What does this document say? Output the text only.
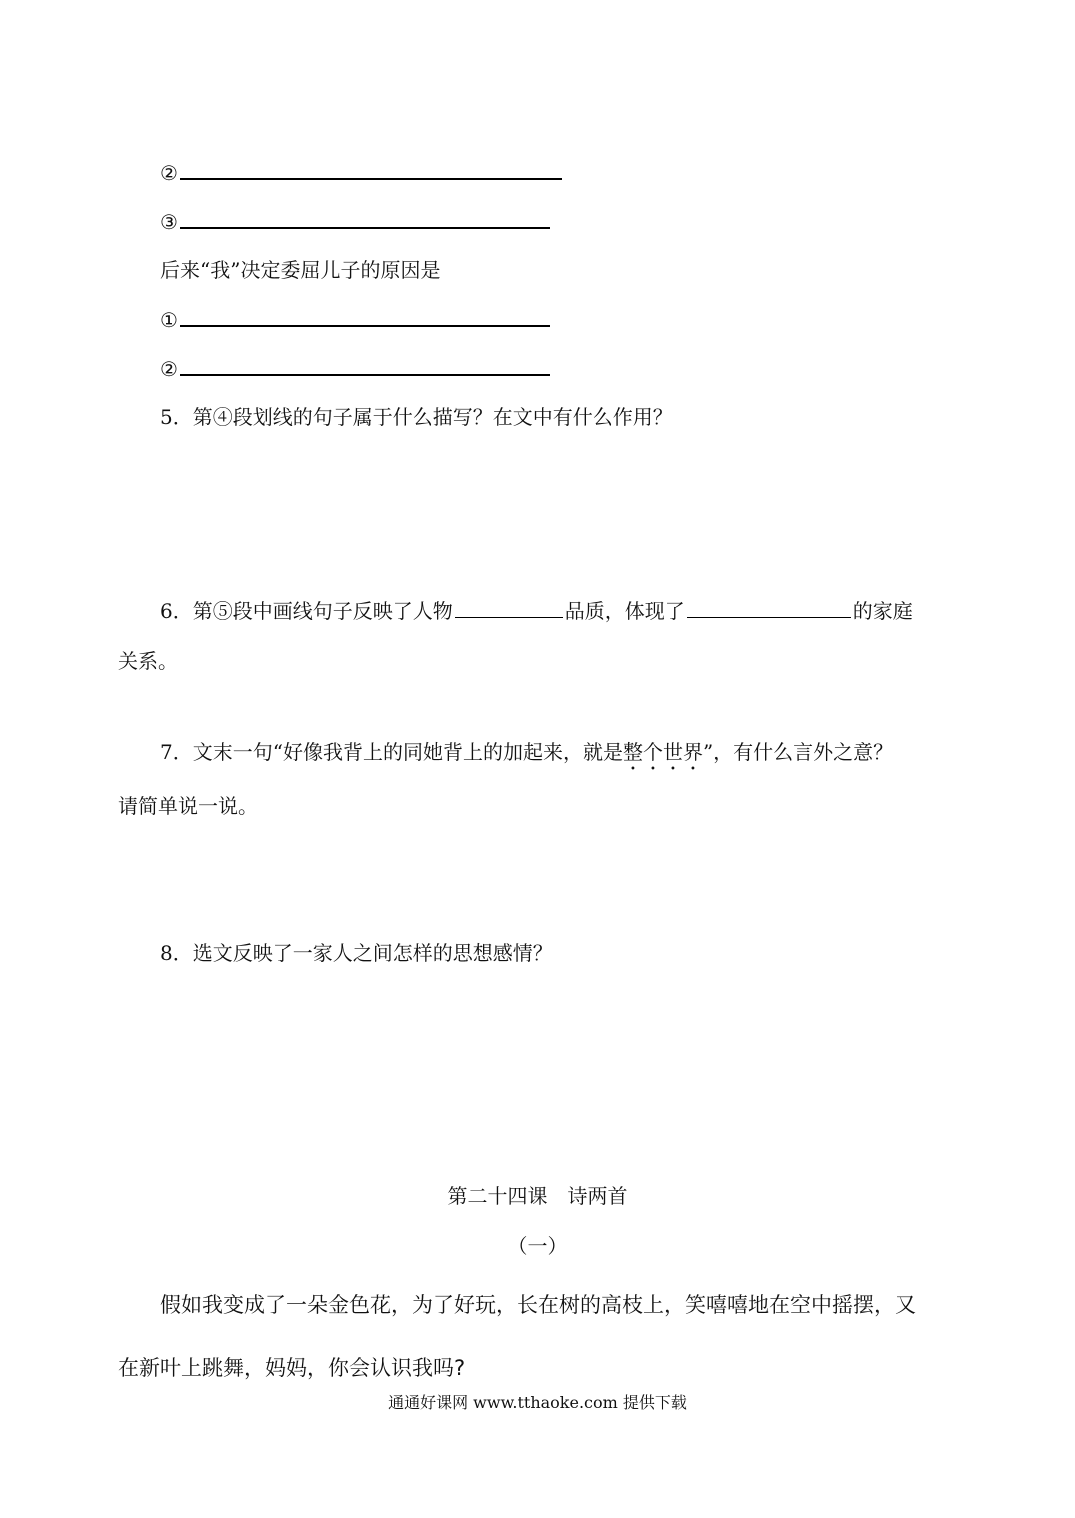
②
③
后来“我”决定委屈儿子的原因是
①
②
5．第④段划线的句子属于什么描写？在文中有什么作用？
6．第⑤段中画线句子反映了人物	品质，体现了	的家庭
关系。
7．文末一句“好像我背上的同她背上的加起来，就是整个世界”，有什么言外之意？
请简单说一说。
8．选文反映了一家人之间怎样的思想感情？
第二十四课　诗两首
（一）
假如我变成了一朵金色花，为了好玩，长在树的高枝上，笑嘻嘻地在空中摇摆，又
在新叶上跳舞，妈妈，你会认识我吗?
通通好课网 www.tthaoke.com 提供下载
